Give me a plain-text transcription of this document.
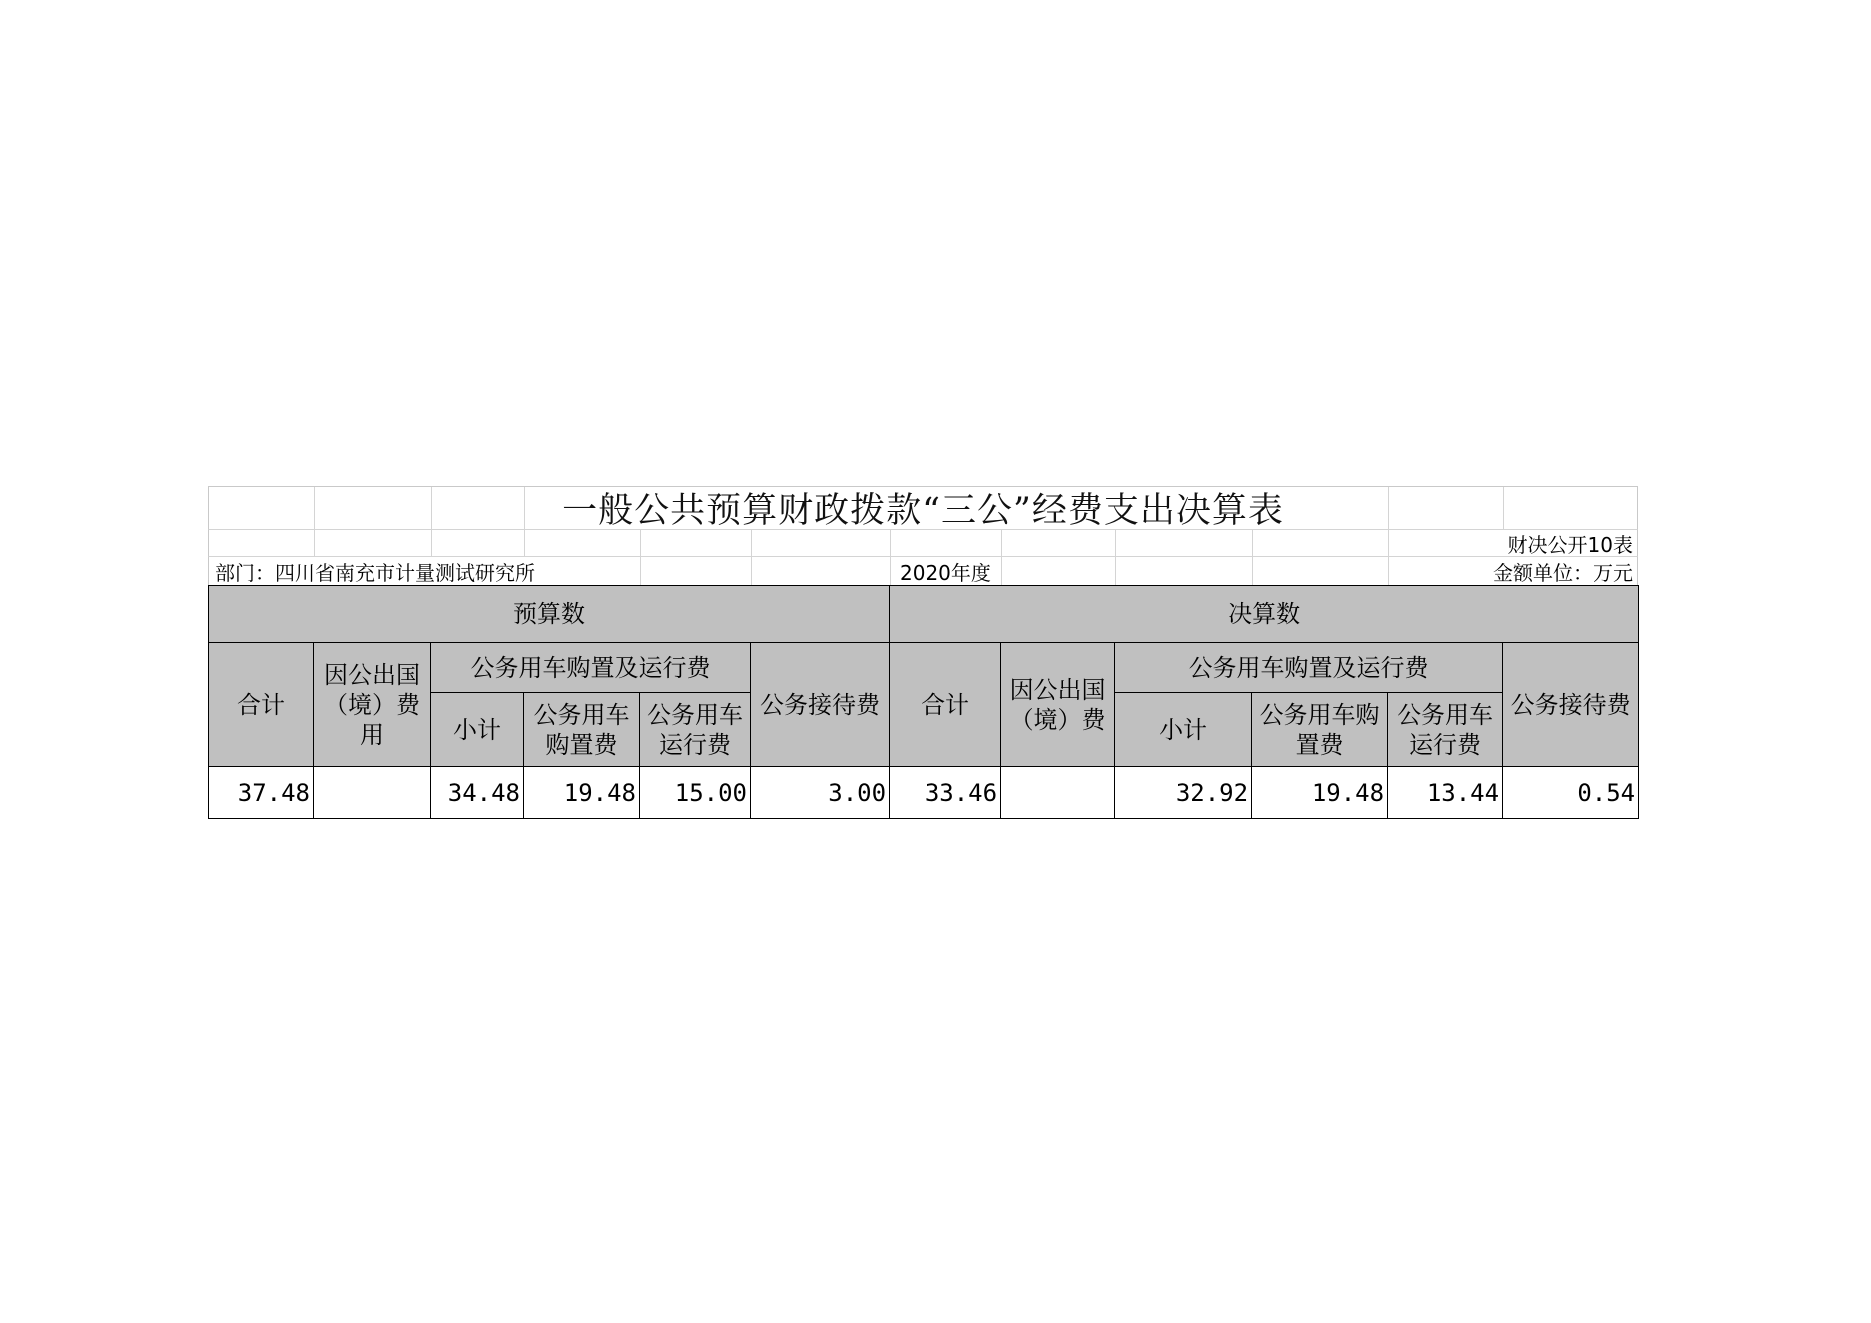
一般公共预算财政拨款“三公”经费支出决算表
财决公开10表
部门：四川省南充市计量测试研究所	2020年度	金额单位：万元
预算数						决算数					
合计	因公出国（境）费用	公务用车购置及运行费			公务接待费	合计	因公出国（境）费	公务用车购置及运行费			公务接待费
		小计	公务用车购置费	公务用车运行费				小计	公务用车购置费	公务用车运行费	

37.48		34.48	19.48	15.00	3.00	33.46		32.92	19.48	13.44	0.54
